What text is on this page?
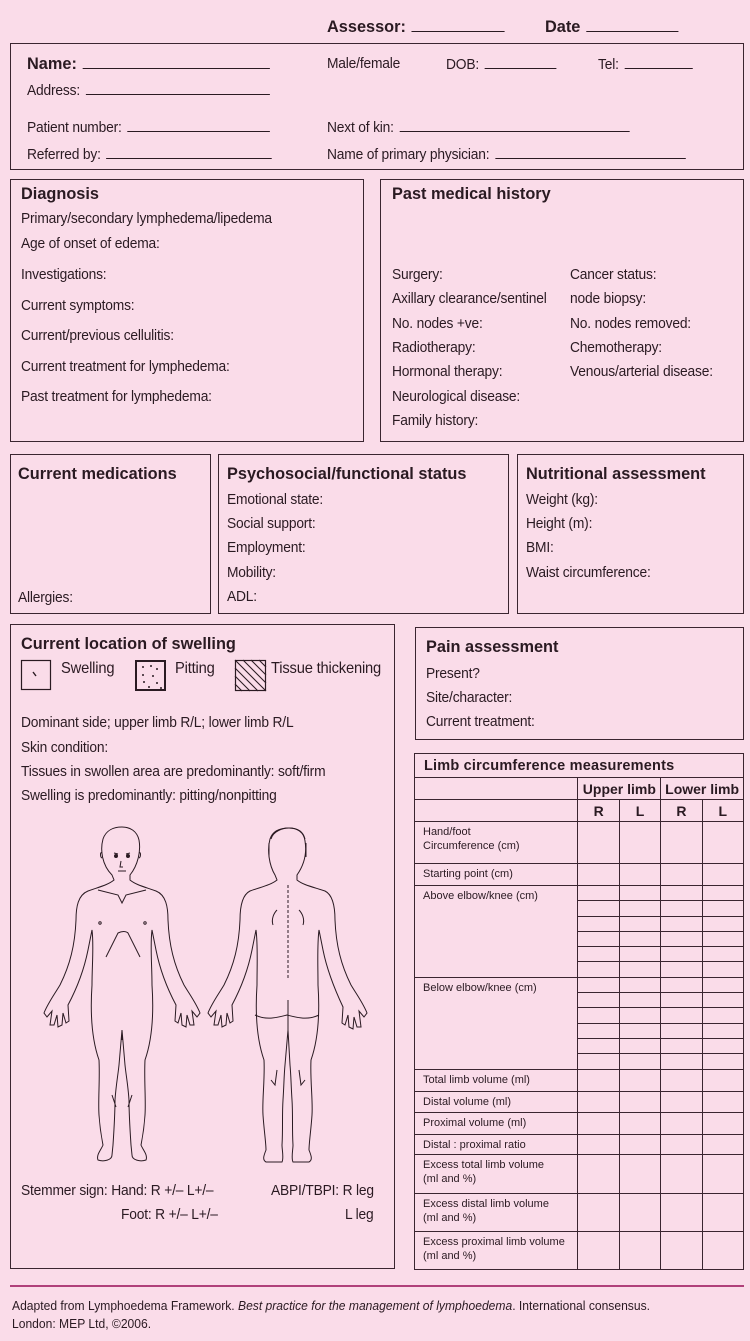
Assessor:	Date
Name:
Address:
Patient number:
Referred by:
Male/female	DOB:	Tel:
Next of kin:
Name of primary physician:
Diagnosis
Primary/secondary lymphedema/lipedema
Age of onset of edema:
Investigations:
Current symptoms:
Current/previous cellulitis:
Current treatment for lymphedema:
Past treatment for lymphedema:
Past medical history
Surgery:
Axillary clearance/sentinel
No. nodes +ve:
Radiotherapy:
Hormonal therapy:
Neurological disease:
Family history:
Cancer status:
node biopsy:
No. nodes removed:
Chemotherapy:
Venous/arterial disease:
Current medications
Allergies:
Psychosocial/functional status
Emotional state:
Social support:
Employment:
Mobility:
ADL:
Nutritional assessment
Weight (kg):
Height (m):
BMI:
Waist circumference:
Current location of swelling
Swelling	Pitting	Tissue thickening
Dominant side; upper limb R/L; lower limb R/L
Skin condition:
Tissues in swollen area are predominantly: soft/firm
Swelling is predominantly: pitting/nonpitting
Stemmer sign: Hand: R +/– L+/–
Foot: R +/– L+/–
ABPI/TBPI: R leg
L leg
Pain assessment
Present?
Site/character:
Current treatment:
Limb circumference measurements				
	Upper limb		Lower limb	
	R	L	R	L

Hand/foot
Circumference (cm)				

Starting point (cm)				
Above elbow/knee (cm)				

Below elbow/knee (cm)				

Total limb volume (ml)				
Distal volume (ml)				
Proximal volume (ml)				
Distal : proximal ratio				

Excess total limb volume
(ml and %)				

Excess distal limb volume
(ml and %)				

Excess proximal limb volume
(ml and %)				

Adapted from Lymphoedema Framework. Best practice for the management of lymphoedema. International consensus.
London: MEP Ltd, ©2006.
